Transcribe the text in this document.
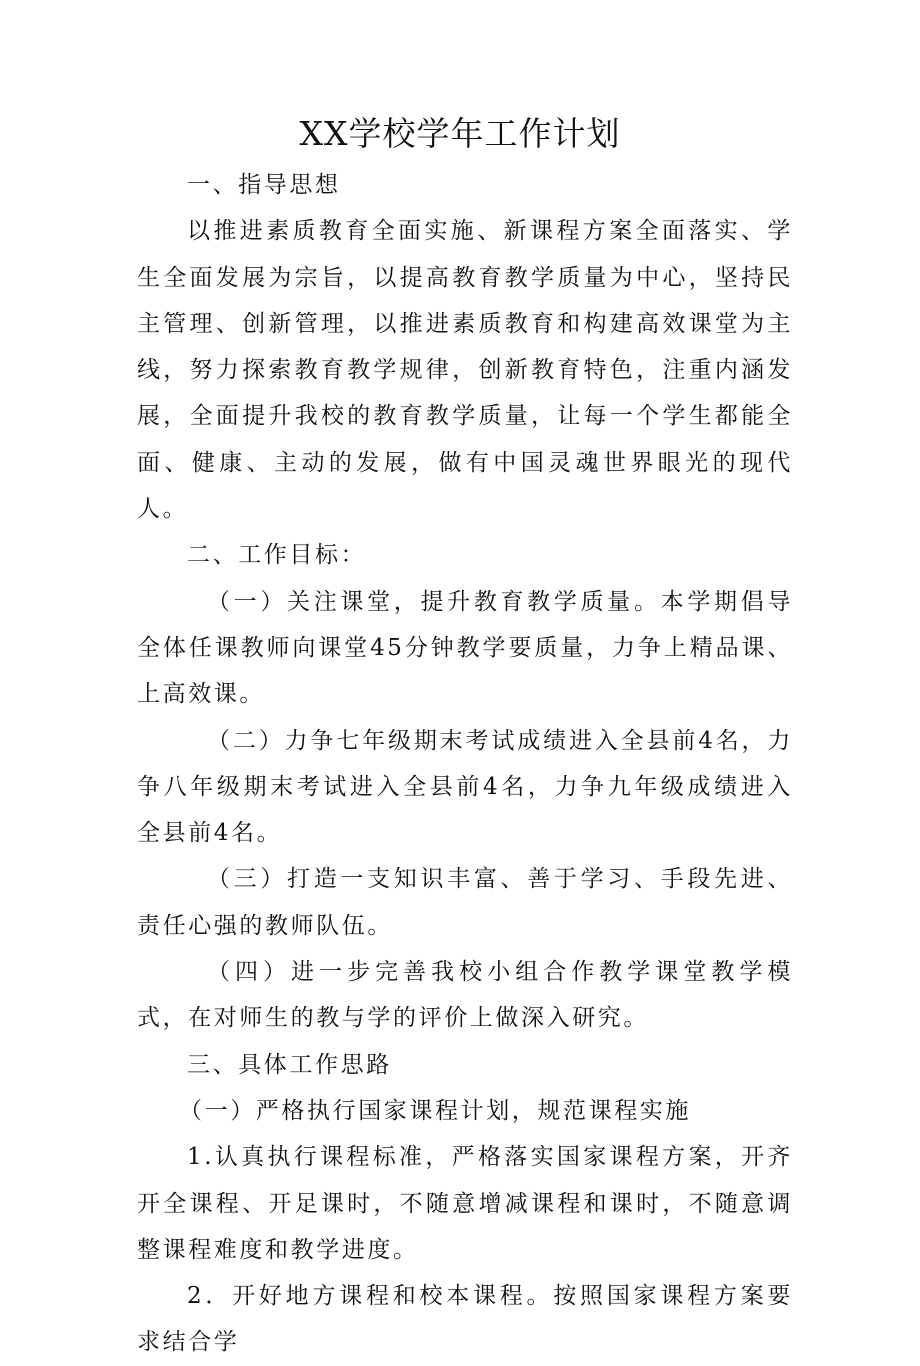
XX学校学年工作计划

一、指导思想

以推进素质教育全面实施、新课程方案全面落实、学生全面发展为宗旨，以提高教育教学质量为中心，坚持民主管理、创新管理，以推进素质教育和构建高效课堂为主线，努力探索教育教学规律，创新教育特色，注重内涵发展，全面提升我校的教育教学质量，让每一个学生都能全面、健康、主动的发展，做有中国灵魂世界眼光的现代人。

二、工作目标：

（一）关注课堂，提升教育教学质量。本学期倡导全体任课教师向课堂45分钟教学要质量，力争上精品课、上高效课。

（二）力争七年级期末考试成绩进入全县前4名，力争八年级期末考试进入全县前4名，力争九年级成绩进入全县前4名。

（三）打造一支知识丰富、善于学习、手段先进、责任心强的教师队伍。

（四）进一步完善我校小组合作教学课堂教学模式，在对师生的教与学的评价上做深入研究。

三、具体工作思路

（一）严格执行国家课程计划，规范课程实施

1.认真执行课程标准，严格落实国家课程方案，开齐开全课程、开足课时，不随意增减课程和课时，不随意调整课程难度和教学进度。

2．开好地方课程和校本课程。按照国家课程方案要求结合学
